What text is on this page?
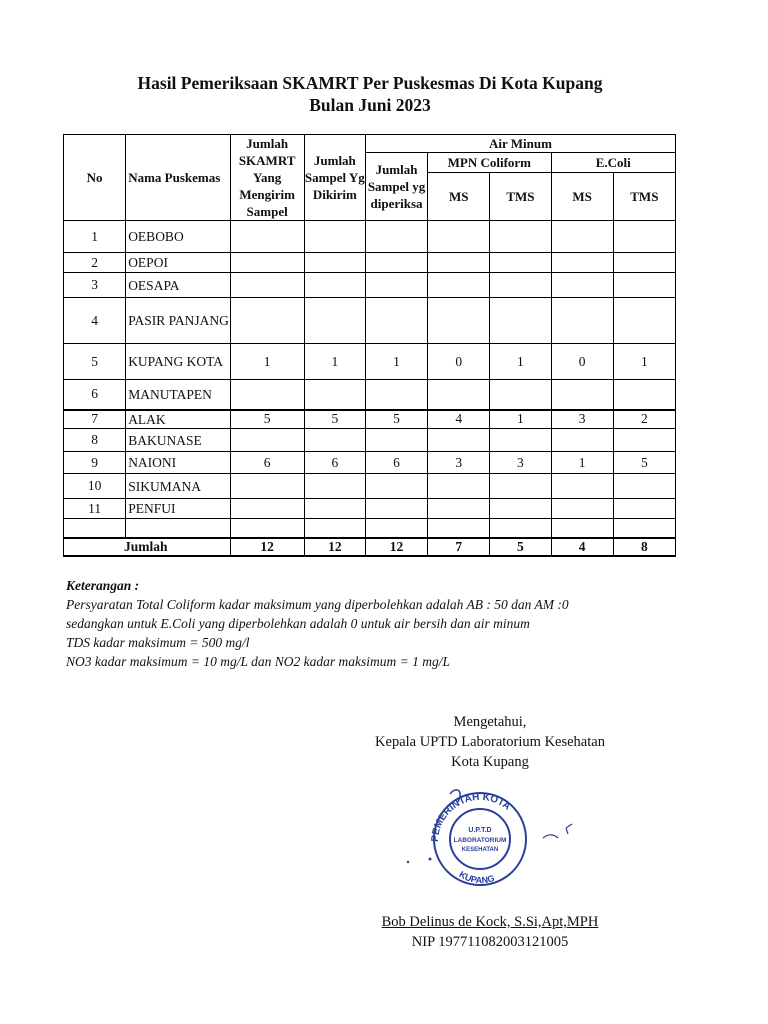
Hasil Pemeriksaan SKAMRT Per Puskesmas Di Kota Kupang
Bulan Juni 2023
No	Nama Puskemas	Jumlah SKAMRT Yang Mengirim Sampel	Jumlah Sampel Yg Dikirim	Air Minum				
				Jumlah Sampel yg diperiksa	MPN Coliform		E.Coli	
					MS	TMS	MS	TMS
1	OEBOBO							
2	OEPOI							
3	OESAPA							
4	PASIR PANJANG							
5	KUPANG KOTA	1	1	1	0	1	0	1
6	MANUTAPEN							
7	ALAK	5	5	5	4	1	3	2
8	BAKUNASE							
9	NAIONI	6	6	6	3	3	1	5
10	SIKUMANA							
11	PENFUI							

Jumlah		12	12	12	7	5	4	8
Keterangan :
Persyaratan Total Coliform kadar maksimum yang diperbolehkan adalah AB : 50 dan AM :0
sedangkan untuk E.Coli yang diperbolehkan adalah 0 untuk air bersih dan air minum
TDS kadar maksimum = 500 mg/l
NO3 kadar maksimum = 10 mg/L dan NO2 kadar maksimum = 1 mg/L
Mengetahui,
Kepala UPTD Laboratorium Kesehatan
Kota Kupang
PEMERINTAH KOTA
KUPANG
U.P.T.D
LABORATORIUM
KESEHATAN
Bob Delinus de Kock, S.Si,Apt,MPH
NIP 197711082003121005
